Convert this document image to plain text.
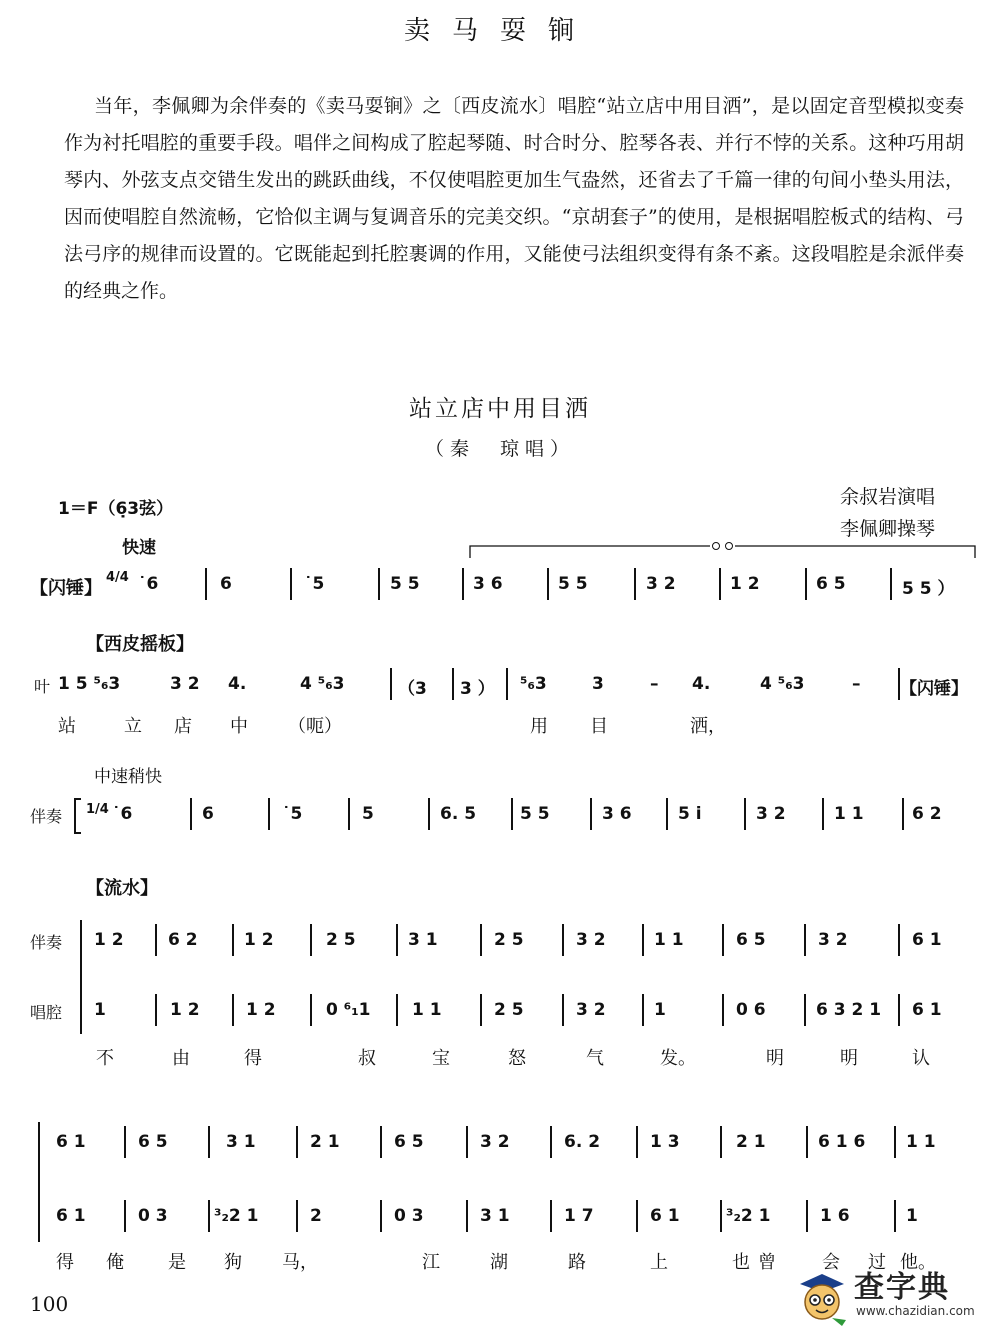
卖马耍锏

当年，李佩卿为余伴奏的《卖马耍锏》之〔西皮流水〕唱腔“站立店中用目洒”，是以固定音型模拟变奏作为衬托唱腔的重要手段。唱伴之间构成了腔起琴随、时合时分、腔琴各表、并行不悖的关系。这种巧用胡琴内、外弦支点交错生发出的跳跃曲线，不仅使唱腔更加生气盎然，还省去了千篇一律的句间小垫头用法，因而使唱腔自然流畅，它恰似主调与复调音乐的完美交织。“京胡套子”的使用，是根据唱腔板式的结构、弓法弓序的规律而设置的。它既能起到托腔裹调的作用，又能使弓法组织变得有条不紊。这段唱腔是余派伴奏的经典之作。

站立店中用目洒
（秦　琼唱）
余叔岩演唱
李佩卿操琴
1＝F（6̣3弦）
快速
【闪锤】
4/4 ˙6	6	˙5	5 5	3 6	5 5	3 2	1 2	6 5	5 5 ）
【西皮摇板】
叶 1 5 ⁵₆3	3 2 4.	4 ⁵₆3	（3 3 ） ⁵₆3	3	– 4.	4 ⁵₆3	– 【闪锤】
站	立 店 中 （呃）	用 目	洒，
中速稍快
伴奏 1/4 ˙6	6	˙5	5	6. 5	5 5	3 6	5 i	3 2	1 1	6 2
【流水】
伴奏 1 2	6 2	1 2	2 5	3 1	2 5	3 2	1 1	6 5	3 2	6 1
唱腔 1	1 2	1 2	0 ⁶₁1 1 1	2 5	3 2	1	0 6	6 3 2 1 6 1
不	由	得	叔	宝	怒	气	发。	明	明	认
6 1	6 5	3 1	2 1	6 5	3 2	6. 2	1 3	2 1	6 1 6 1 1
6 1	0 3	³₂2 1	2	0 3	3 1	1 7	6 1	³₂2 1	1 6	1
得 俺 是 狗 马，	江	湖	路	上	也 曾	会 过 他。
100	查字典
www.chazidian.com
